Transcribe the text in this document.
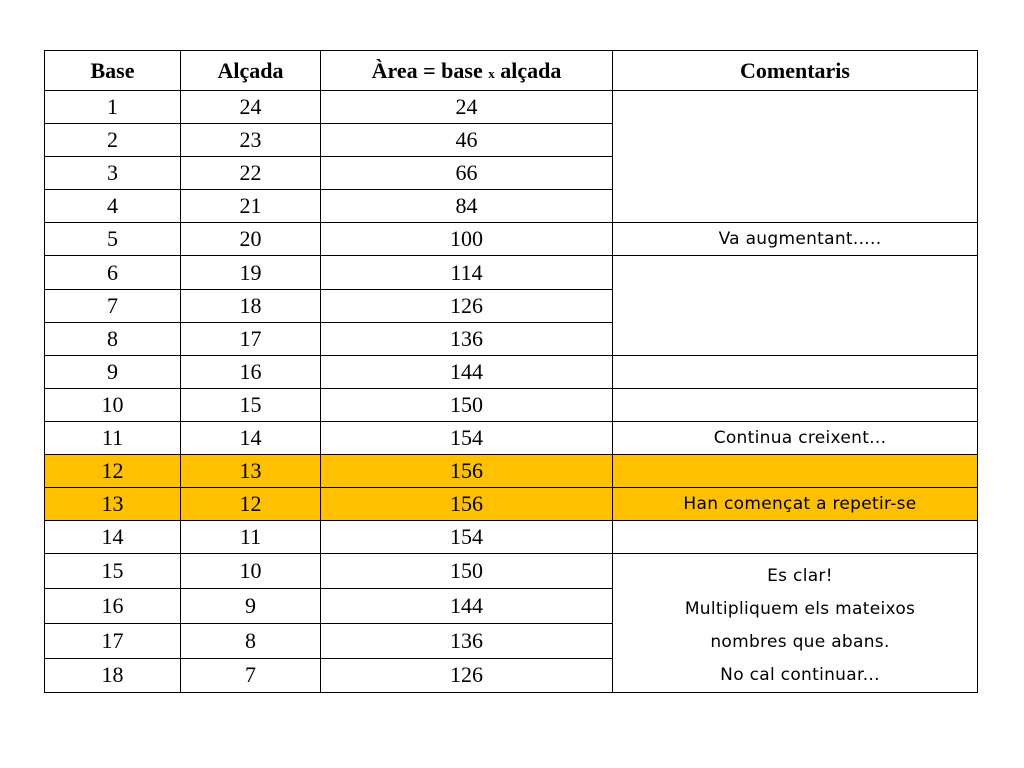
Base	Alçada	Àrea = base x alçada	Comentaris
1	24	24	
2	23	46	
3	22	66	
4	21	84	
5	20	100	Va augmentant.....
6	19	114	
7	18	126	
8	17	136	
9	16	144	
10	15	150	
11	14	154	Continua creixent...
12	13	156	
13	12	156	Han començat a repetir-se
14	11	154	
15	10	150	Es clar!
Multipliquem els mateixos
nombres que abans.
No cal continuar...

16	9	144	
17	8	136	
18	7	126	
